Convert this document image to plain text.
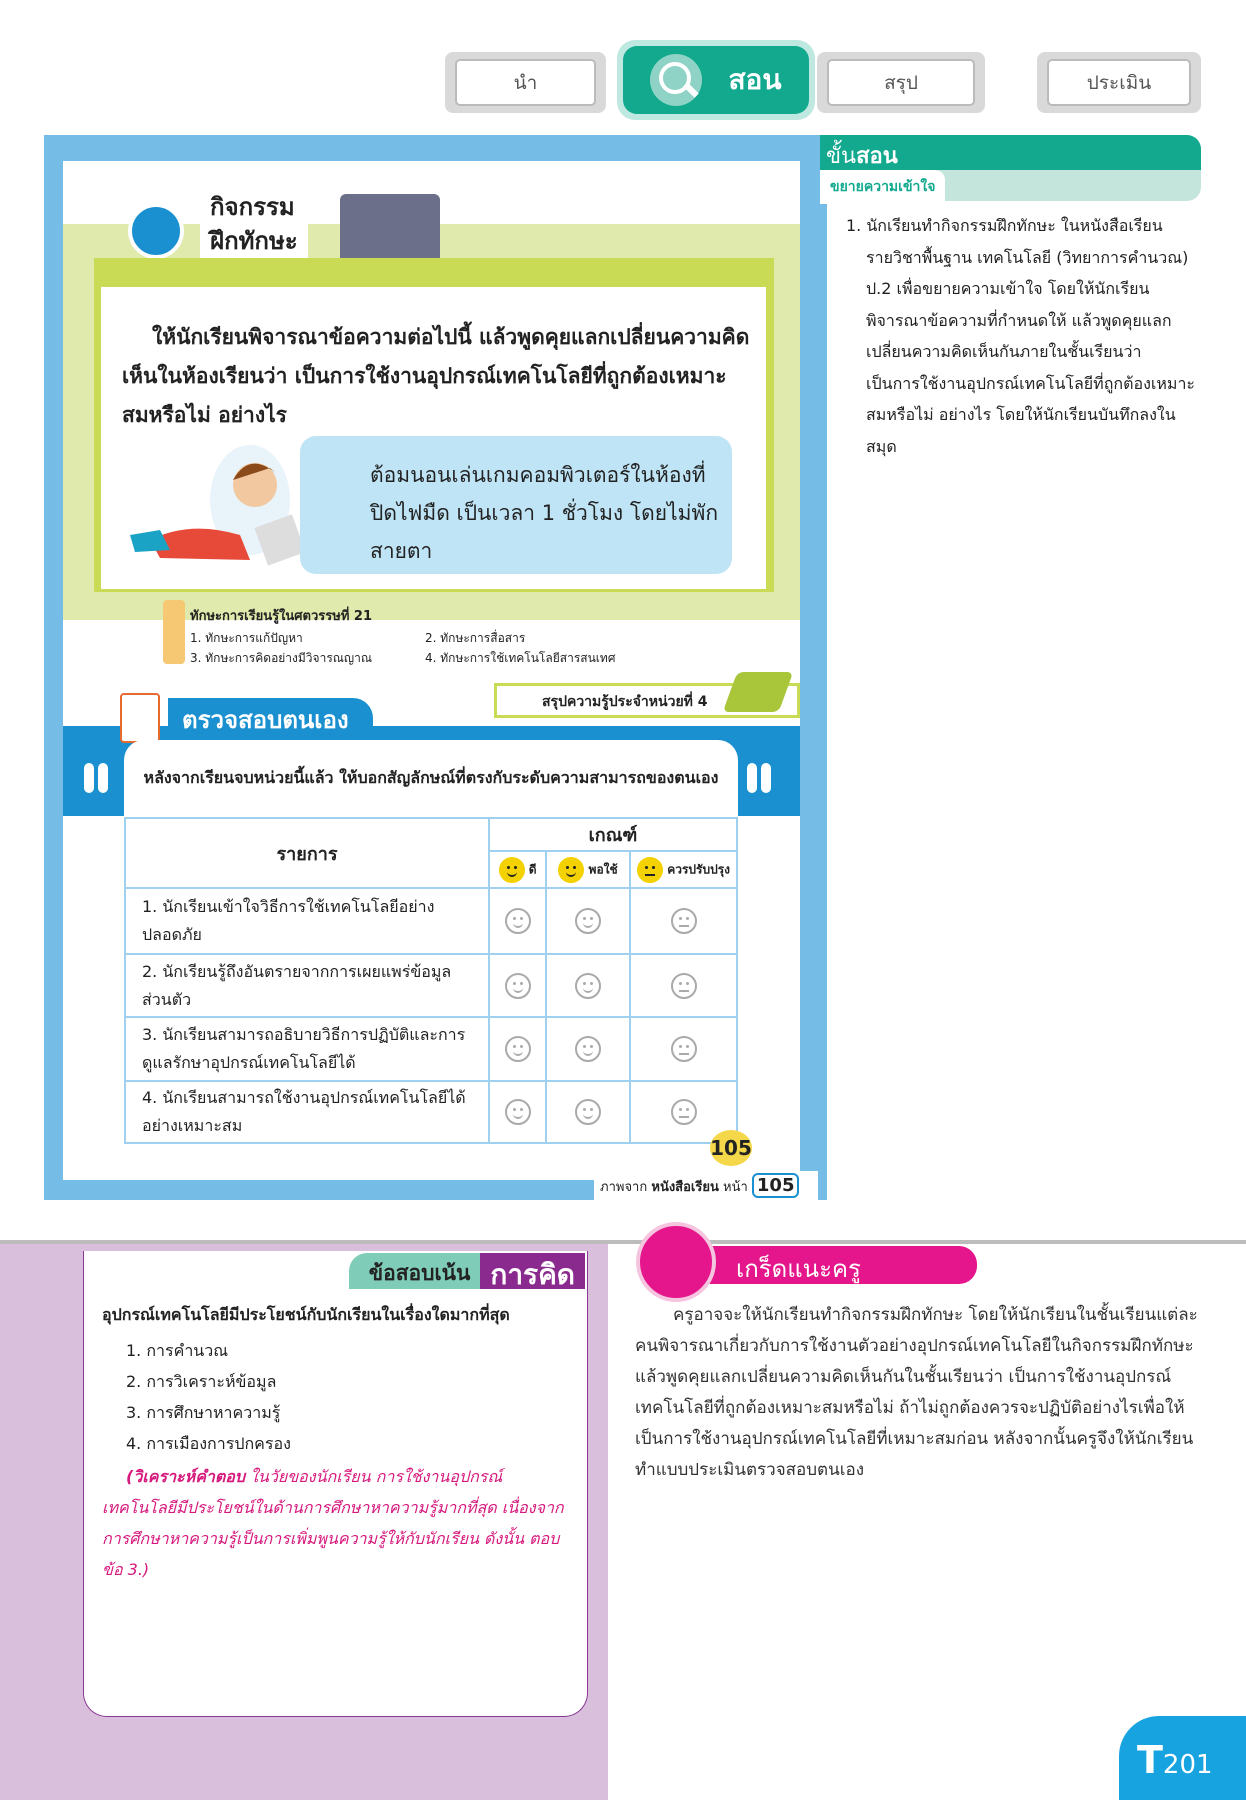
นำ	สอน	สรุป	ประเมิน
กิจกรรม
ฝึกทักษะ
ให้นักเรียนพิจารณาข้อความต่อไปนี้ แล้วพูดคุยแลกเปลี่ยนความคิดเห็นในห้องเรียนว่า เป็นการใช้งานอุปกรณ์เทคโนโลยีที่ถูกต้องเหมาะสมหรือไม่ อย่างไร
ต้อมนอนเล่นเกมคอมพิวเตอร์ในห้องที่ปิดไฟมืด เป็นเวลา 1 ชั่วโมง โดยไม่พักสายตา
ทักษะการเรียนรู้ในศตวรรษที่ 21
1. ทักษะการแก้ปัญหา	2. ทักษะการสื่อสาร
3. ทักษะการคิดอย่างมีวิจารณญาณ	4. ทักษะการใช้เทคโนโลยีสารสนเทศ
สรุปความรู้ประจำหน่วยที่ 4
ตรวจสอบตนเอง
หลังจากเรียนจบหน่วยนี้แล้ว ให้บอกสัญลักษณ์ที่ตรงกับระดับความสามารถของตนเอง
รายการ	เกณฑ์		

ดี	พอใช้	ควรปรับปรุง
1. นักเรียนเข้าใจวิธีการใช้เทคโนโลยีอย่างปลอดภัย	

2. นักเรียนรู้ถึงอันตรายจากการเผยแพร่ข้อมูลส่วนตัว	

3. นักเรียนสามารถอธิบายวิธีการปฏิบัติและการดูแลรักษาอุปกรณ์เทคโนโลยีได้	

4. นักเรียนสามารถใช้งานอุปกรณ์เทคโนโลยีได้อย่างเหมาะสม	

105
ภาพจาก หนังสือเรียน หน้า 105
ขั้นสอน
ขยายความเข้าใจ
1. นักเรียนทำกิจกรรมฝึกทักษะ ในหนังสือเรียนรายวิชาพื้นฐาน เทคโนโลยี (วิทยาการคำนวณ) ป.2 เพื่อขยายความเข้าใจ โดยให้นักเรียนพิจารณาข้อความที่กำหนดให้ แล้วพูดคุยแลกเปลี่ยนความคิดเห็นกันภายในชั้นเรียนว่า เป็นการใช้งานอุปกรณ์เทคโนโลยีที่ถูกต้องเหมาะสมหรือไม่ อย่างไร โดยให้นักเรียนบันทึกลงในสมุด
ข้อสอบเน้น การคิด
อุปกรณ์เทคโนโลยีมีประโยชน์กับนักเรียนในเรื่องใดมากที่สุด
1. การคำนวณ
2. การวิเคราะห์ข้อมูล
3. การศึกษาหาความรู้
4. การเมืองการปกครอง
(วิเคราะห์คำตอบ ในวัยของนักเรียน การใช้งานอุปกรณ์เทคโนโลยีมีประโยชน์ในด้านการศึกษาหาความรู้มากที่สุด เนื่องจากการศึกษาหาความรู้เป็นการเพิ่มพูนความรู้ให้กับนักเรียน ดังนั้น ตอบข้อ 3.)
เกร็ดแนะครู
ครูอาจจะให้นักเรียนทำกิจกรรมฝึกทักษะ โดยให้นักเรียนในชั้นเรียนแต่ละคนพิจารณาเกี่ยวกับการใช้งานตัวอย่างอุปกรณ์เทคโนโลยีในกิจกรรมฝึกทักษะ แล้วพูดคุยแลกเปลี่ยนความคิดเห็นกันในชั้นเรียนว่า เป็นการใช้งานอุปกรณ์เทคโนโลยีที่ถูกต้องเหมาะสมหรือไม่ ถ้าไม่ถูกต้องควรจะปฏิบัติอย่างไรเพื่อให้เป็นการใช้งานอุปกรณ์เทคโนโลยีที่เหมาะสมก่อน หลังจากนั้นครูจึงให้นักเรียนทำแบบประเมินตรวจสอบตนเอง
T201
